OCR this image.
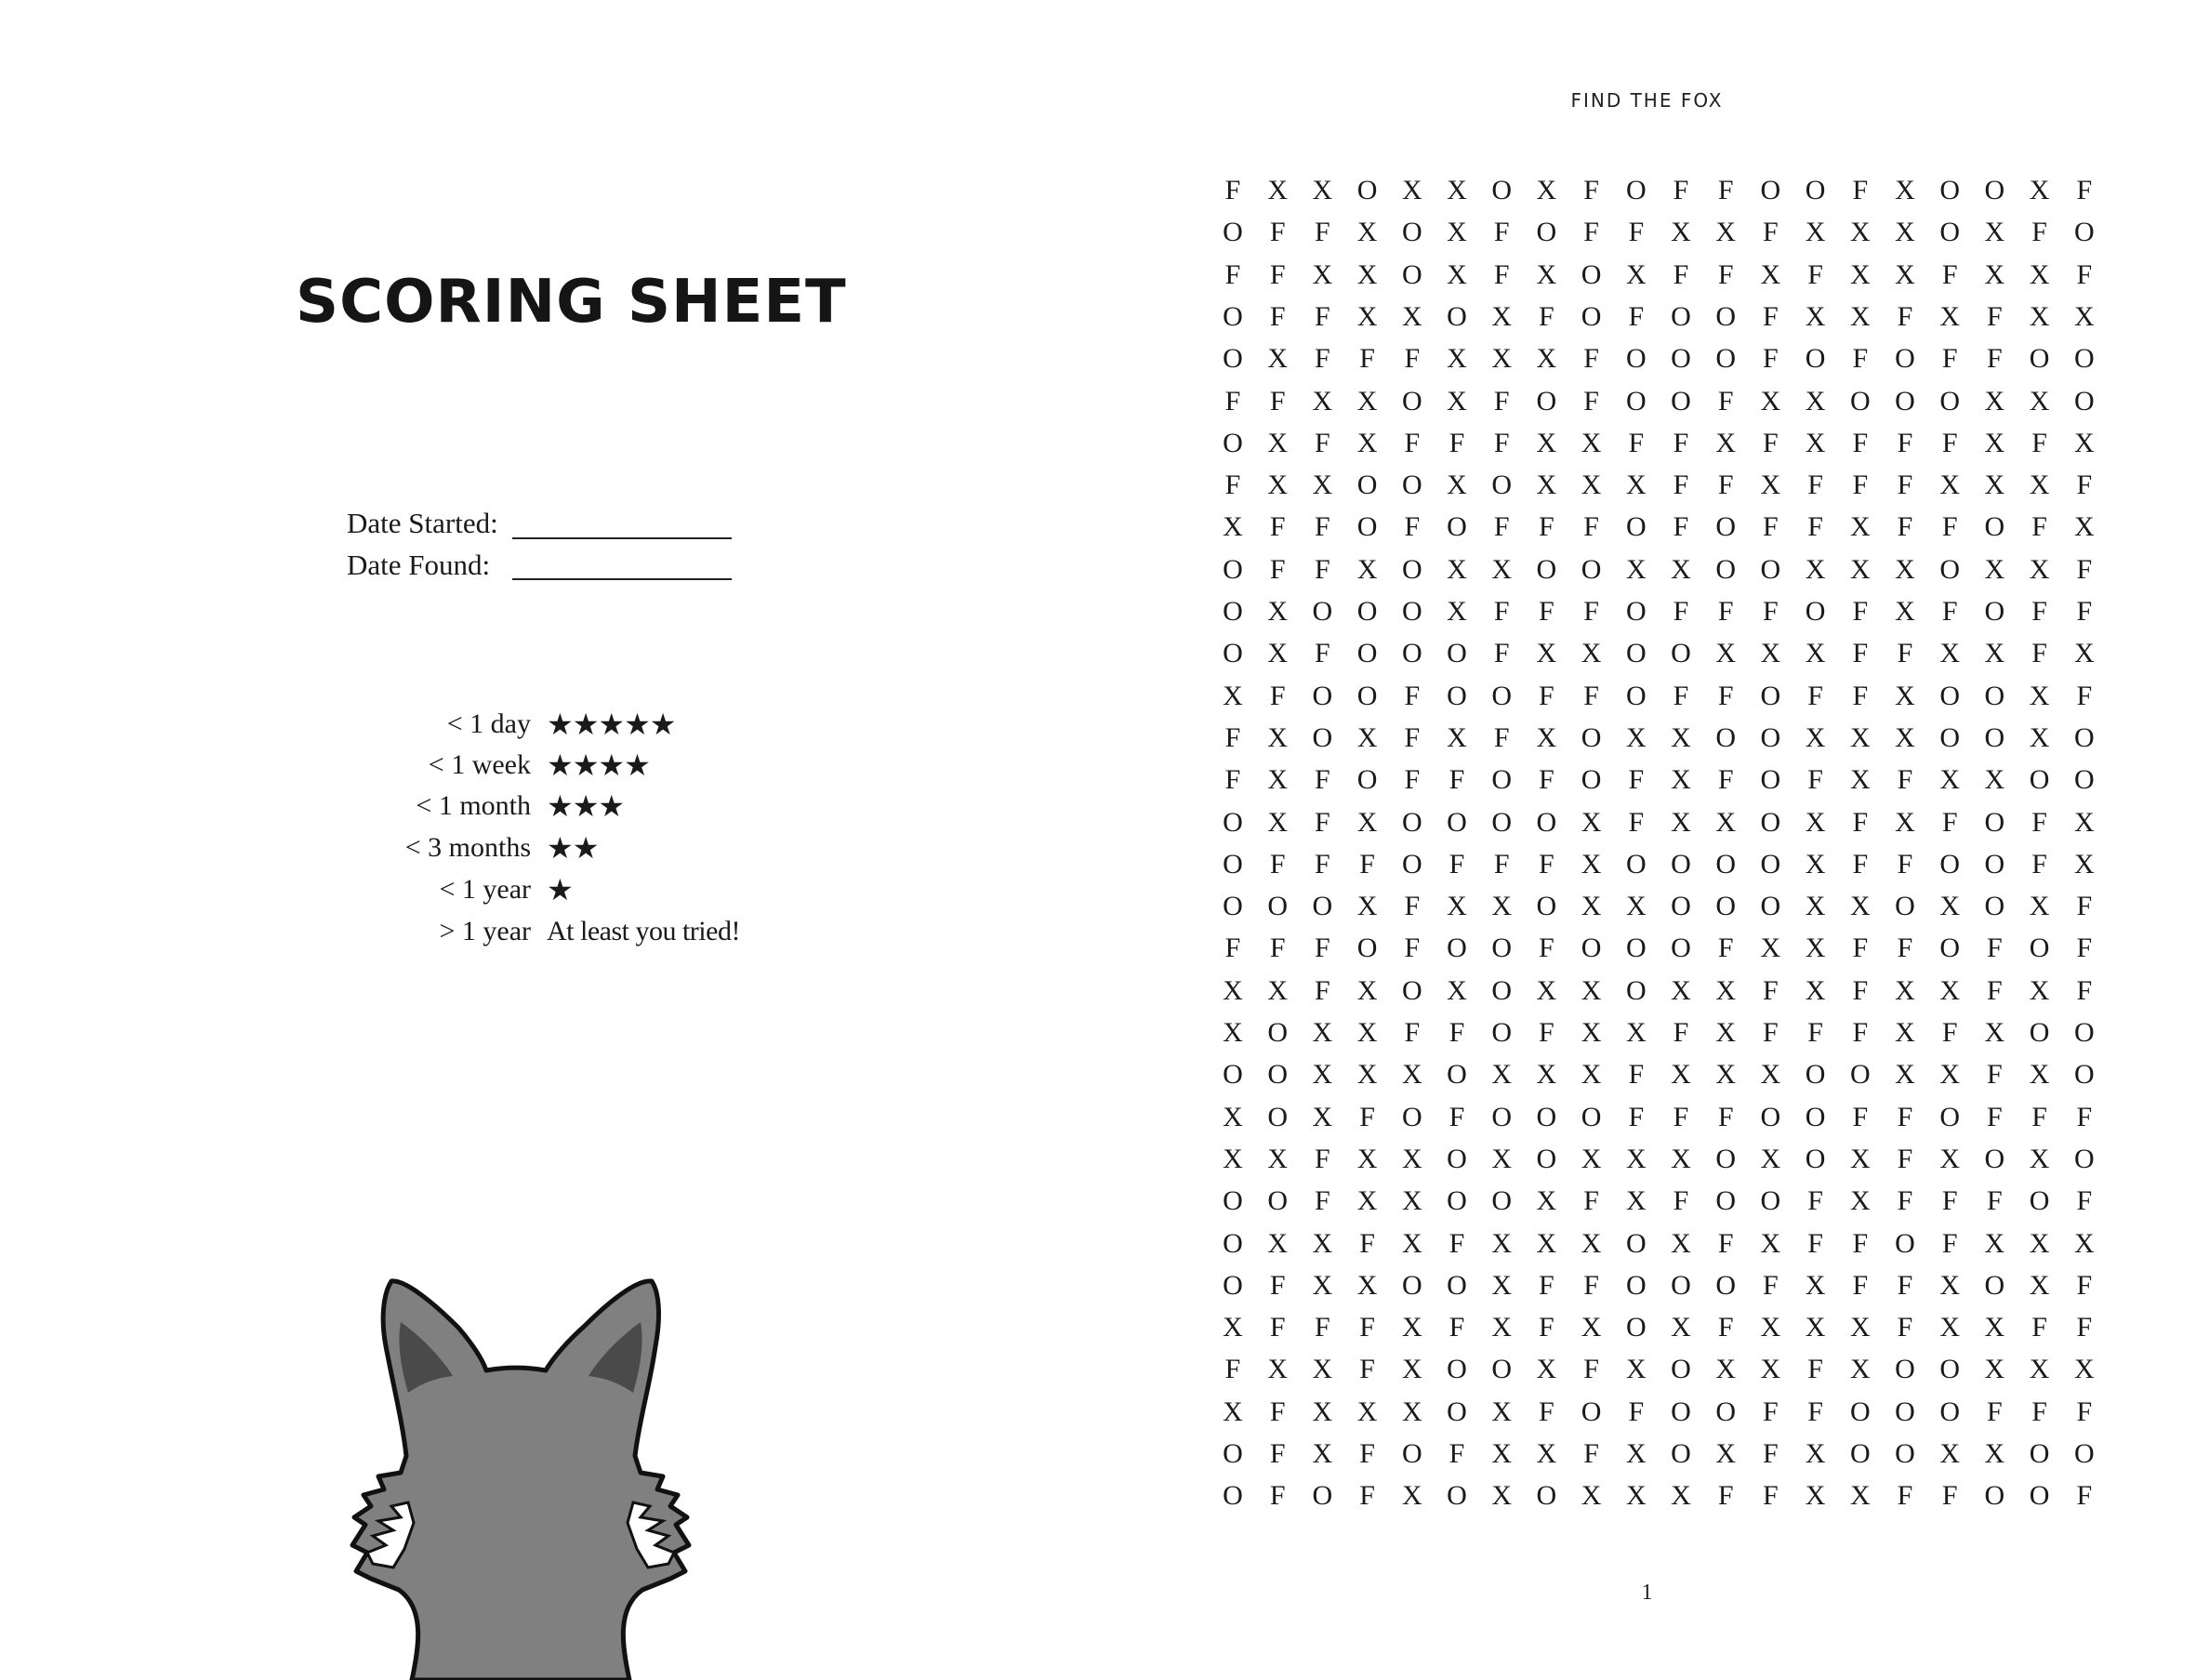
SCORING SHEET
Date Started:
Date Found:
< 1 day ★★★★★
< 1 week ★★★★
< 1 month ★★★
< 3 months ★★
< 1 year ★
> 1 year At least you tried!
FIND THE FOX
F X X O X X O X F O F F O O F X O O X F
O F F X O X F O F F X X F X X X O X F O
F F X X O X F X O X F F X F X X F X X F
O F F X X O X F O F O O F X X F X F X X
O X F F F X X X F O O O F O F O F F O O
F F X X O X F O F O O F X X O O O X X O
O X F X F F F X X F F X F X F F F X F X
F X X O O X O X X X F F X F F F X X X F
X F F O F O F F F O F O F F X F F O F X
O F F X O X X O O X X O O X X X O X X F
O X O O O X F F F O F F F O F X F O F F
O X F O O O F X X O O X X X F F X X F X
X F O O F O O F F O F F O F F X O O X F
F X O X F X F X O X X O O X X X O O X O
F X F O F F O F O F X F O F X F X X O O
O X F X O O O O X F X X O X F X F O F X
O F F F O F F F X O O O O X F F O O F X
O O O X F X X O X X O O O X X O X O X F
F F F O F O O F O O O F X X F F O F O F
X X F X O X O X X O X X F X F X X F X F
X O X X F F O F X X F X F F F X F X O O
O O X X X O X X X F X X X O O X X F X O
X O X F O F O O O F F F O O F F O F F F
X X F X X O X O X X X O X O X F X O X O
O O F X X O O X F X F O O F X F F F O F
O X X F X F X X X O X F X F F O F X X X
O F X X O O X F F O O O F X F F X O X F
X F F F X F X F X O X F X X X F X X F F
F X X F X O O X F X O X X F X O O X X X
X F X X X O X F O F O O F F O O O F F F
O F X F O F X X F X O X F X O O X X O O
O F O F X O X O X X X F F X X F F O O F
1
